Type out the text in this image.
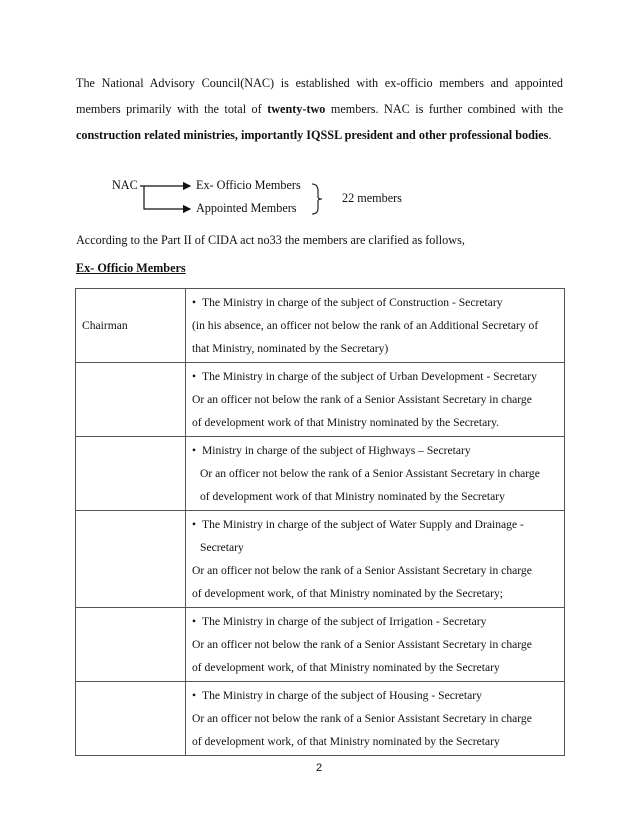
The National Advisory Council(NAC) is established with ex-officio members and appointed members primarily with the total of twenty-two members. NAC is further combined with the construction related ministries, importantly IQSSL president and other professional bodies.

NAC	Ex- Officio Members
Appointed Members
22 members

According to the Part II of CIDA act no33 the members are clarified as follows,

Ex- Officio Members

Chairman	• The Ministry in charge of the subject of Construction - Secretary
(in his absence, an officer not below the rank of an Additional Secretary of
that Ministry, nominated by the Secretary)

	• The Ministry in charge of the subject of Urban Development - Secretary
Or an officer not below the rank of a Senior Assistant Secretary in charge
of development work of that Ministry nominated by the Secretary.

	• Ministry in charge of the subject of Highways – Secretary
Or an officer not below the rank of a Senior Assistant Secretary in charge
of development work of that Ministry nominated by the Secretary

	• The Ministry in charge of the subject of Water Supply and Drainage -
Secretary
Or an officer not below the rank of a Senior Assistant Secretary in charge
of development work, of that Ministry nominated by the Secretary;

	• The Ministry in charge of the subject of Irrigation - Secretary
Or an officer not below the rank of a Senior Assistant Secretary in charge
of development work, of that Ministry nominated by the Secretary

	• The Ministry in charge of the subject of Housing - Secretary
Or an officer not below the rank of a Senior Assistant Secretary in charge
of development work, of that Ministry nominated by the Secretary
2
